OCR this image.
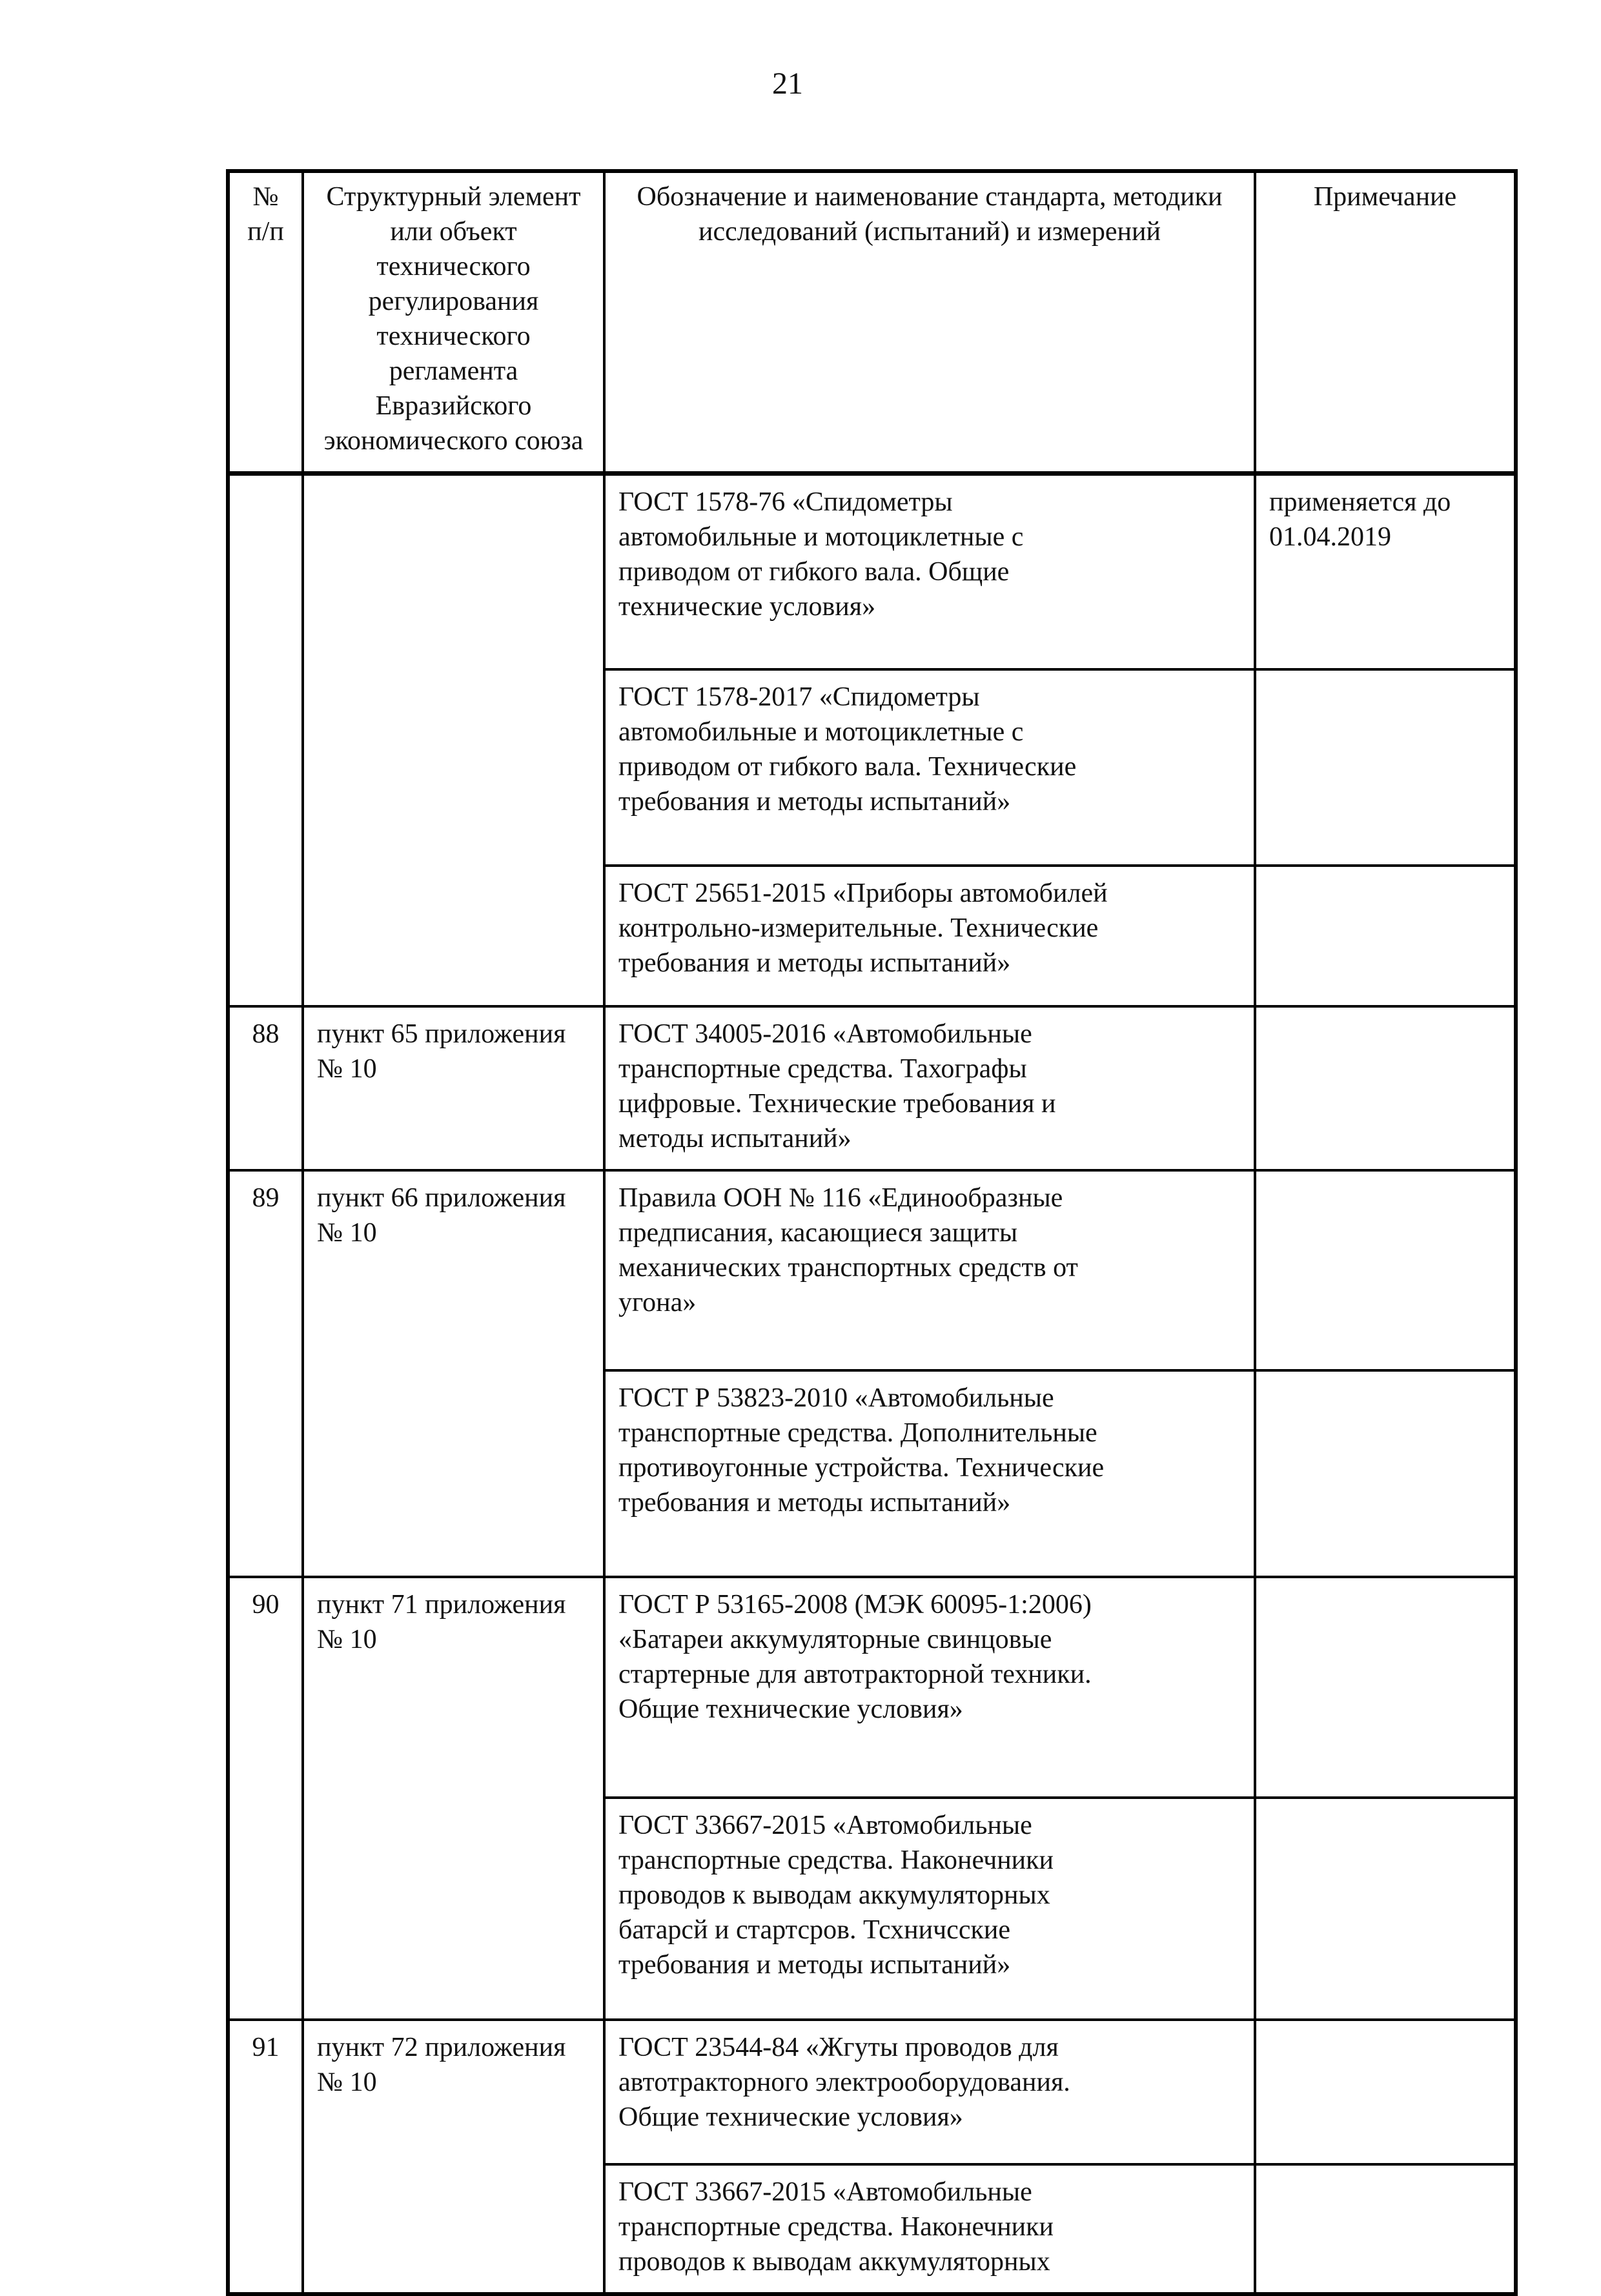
21
№ п/п	Структурный элемент или объект технического регулирования технического регламента Евразийского экономического союза	Обозначение и наименование стандарта, методики исследований (испытаний) и измерений	Примечание

		ГОСТ 1578-76 «Спидометры автомобильные и мотоциклетные с приводом от гибкого вала. Общие технические условия»	применяется до 01.04.2019

		ГОСТ 1578-2017 «Спидометры автомобильные и мотоциклетные с приводом от гибкого вала. Технические требования и методы испытаний»	

		ГОСТ 25651-2015 «Приборы автомобилей контрольно-измерительные. Технические требования и методы испытаний»	

88	пункт 65 приложения № 10	ГОСТ 34005-2016 «Автомобильные транспортные средства. Тахографы цифровые. Технические требования и методы испытаний»	

89	пункт 66 приложения № 10	Правила ООН № 116 «Единообразные предписания, касающиеся защиты механических транспортных средств от угона»	

		ГОСТ Р 53823-2010 «Автомобильные транспортные средства. Дополнительные противоугонные устройства. Технические требования и методы испытаний»	

90	пункт 71 приложения № 10	ГОСТ Р 53165-2008 (МЭК 60095-1:2006) «Батареи аккумуляторные свинцовые стартерные для автотракторной техники. Общие технические условия»	

		ГОСТ 33667-2015 «Автомобильные транспортные средства. Наконечники проводов к выводам аккумуляторных батарсй и стартсров. Тсхничсские требования и методы испытаний»	

91	пункт 72 приложения № 10	ГОСТ 23544-84 «Жгуты проводов для автотракторного электрооборудования. Общие технические условия»	

		ГОСТ 33667-2015 «Автомобильные транспортные средства. Наконечники проводов к выводам аккумуляторных	
